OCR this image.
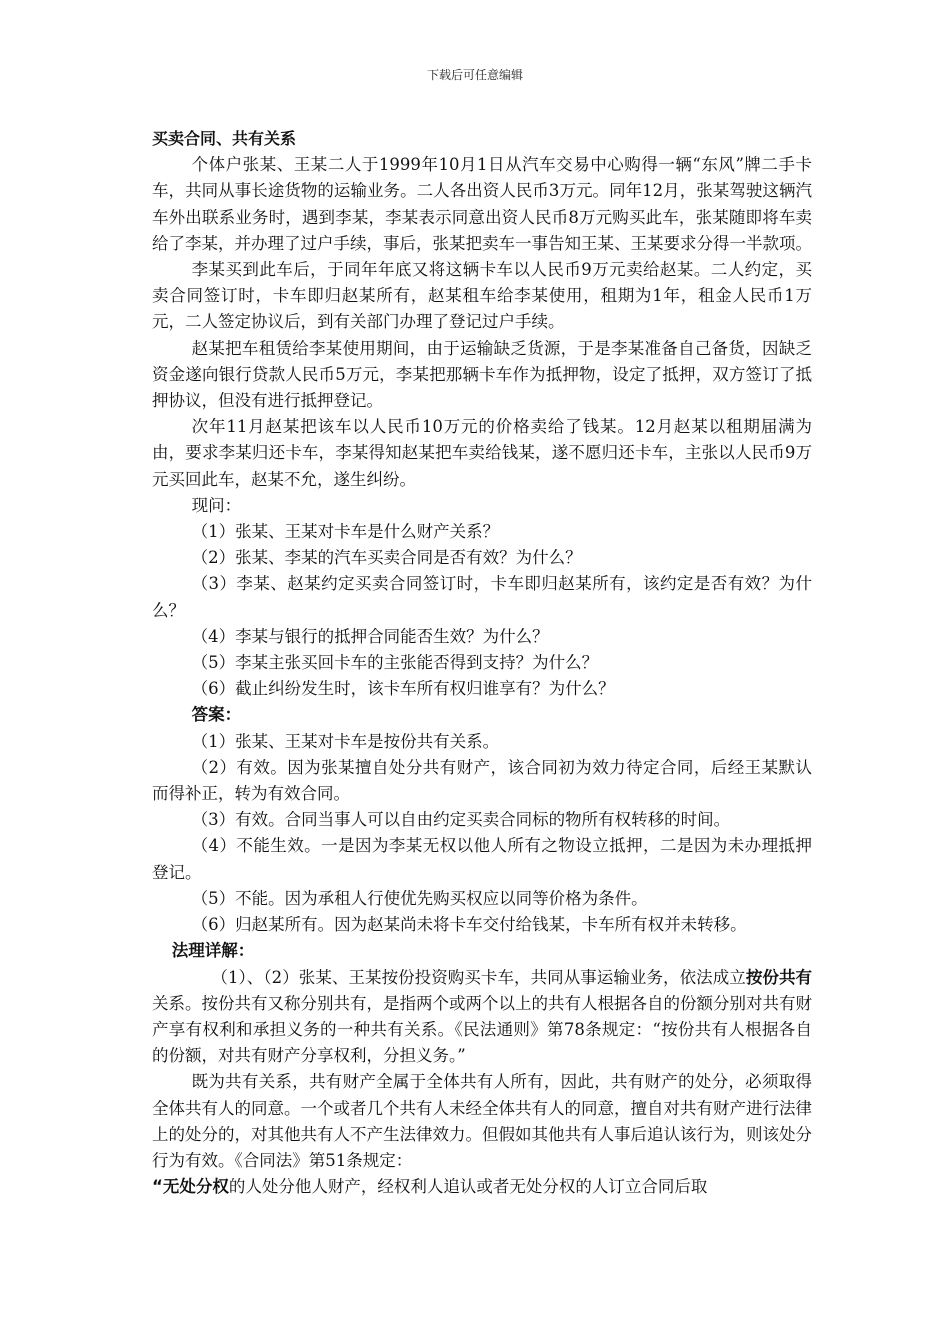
下载后可任意编辑

买卖合同、共有关系

个体户张某、王某二人于1999年10月1日从汽车交易中心购得一辆“东风”牌二手卡车，共同从事长途货物的运输业务。二人各出资人民币3万元。同年12月，张某驾驶这辆汽车外出联系业务时，遇到李某，李某表示同意出资人民币8万元购买此车，张某随即将车卖给了李某，并办理了过户手续，事后，张某把卖车一事告知王某、王某要求分得一半款项。

李某买到此车后，于同年年底又将这辆卡车以人民币9万元卖给赵某。二人约定，买卖合同签订时，卡车即归赵某所有，赵某租车给李某使用，租期为1年，租金人民币1万元，二人签定协议后，到有关部门办理了登记过户手续。

赵某把车租赁给李某使用期间，由于运输缺乏货源，于是李某准备自己备货，因缺乏资金遂向银行贷款人民币5万元，李某把那辆卡车作为抵押物，设定了抵押，双方签订了抵押协议，但没有进行抵押登记。

次年11月赵某把该车以人民币10万元的价格卖给了钱某。12月赵某以租期届满为由，要求李某归还卡车，李某得知赵某把车卖给钱某，遂不愿归还卡车，主张以人民币9万元买回此车，赵某不允，遂生纠纷。

现问：

（1）张某、王某对卡车是什么财产关系？

（2）张某、李某的汽车买卖合同是否有效？为什么？

（3）李某、赵某约定买卖合同签订时，卡车即归赵某所有，该约定是否有效？为什么？

（4）李某与银行的抵押合同能否生效？为什么？

（5）李某主张买回卡车的主张能否得到支持？为什么？

（6）截止纠纷发生时，该卡车所有权归谁享有？为什么？

答案：

（1）张某、王某对卡车是按份共有关系。

（2）有效。因为张某擅自处分共有财产，该合同初为效力待定合同，后经王某默认而得补正，转为有效合同。

（3）有效。合同当事人可以自由约定买卖合同标的物所有权转移的时间。

（4）不能生效。一是因为李某无权以他人所有之物设立抵押，二是因为未办理抵押登记。

（5）不能。因为承租人行使优先购买权应以同等价格为条件。

（6）归赵某所有。因为赵某尚未将卡车交付给钱某，卡车所有权并未转移。

法理详解：

（1）、（2）张某、王某按份投资购买卡车，共同从事运输业务，依法成立按份共有关系。按份共有又称分别共有，是指两个或两个以上的共有人根据各自的份额分别对共有财产享有权利和承担义务的一种共有关系。《民法通则》第78条规定：“按份共有人根据各自的份额，对共有财产分享权利，分担义务。”

既为共有关系，共有财产全属于全体共有人所有，因此，共有财产的处分，必须取得全体共有人的同意。一个或者几个共有人未经全体共有人的同意，擅自对共有财产进行法律上的处分的，对其他共有人不产生法律效力。但假如其他共有人事后追认该行为，则该处分行为有效。《合同法》第51条规定：

“无处分权的人处分他人财产，经权利人追认或者无处分权的人订立合同后取
